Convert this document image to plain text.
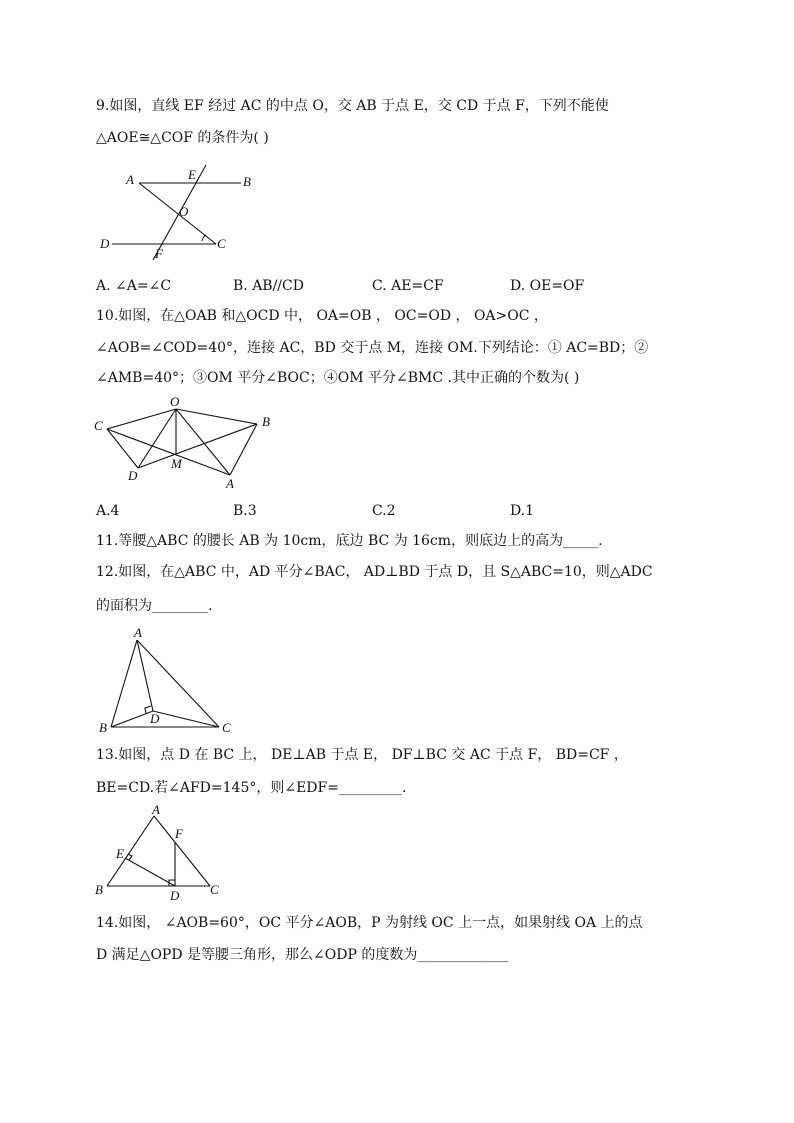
9.如图，直线 EF 经过 AC 的中点 O，交 AB 于点 E，交 CD 于点 F，下列不能使
△AOE≅△COF 的条件为( )
A	E	B
O
D	C
F
A. ∠A=∠C	B. AB//CD	C. AE=CF	D. OE=OF
10.如图，在△OAB 和△OCD 中， OA=OB ， OC=OD ， OA>OC ，
∠AOB=∠COD=40°，连接 AC，BD 交于点 M，连接 OM.下列结论：① AC=BD；②
∠AMB=40°；③OM 平分∠BOC；④OM 平分∠BMC .其中正确的个数为( )
O
C	B
D
M
A
A.4	B.3	C.2	D.1
11.等腰△ABC 的腰长 AB 为 10cm，底边 BC 为 16cm，则底边上的高为_____.
12.如图，在△ABC 中，AD 平分∠BAC， AD⊥BD 于点 D，且 S△ABC=10，则△ADC
的面积为________.
A
B
D
C
13.如图，点 D 在 BC 上， DE⊥AB 于点 E， DF⊥BC 交 AC 于点 F， BD=CF ，
BE=CD.若∠AFD=145°，则∠EDF=_________.
A
F
E
B	D C
14.如图， ∠AOB=60°，OC 平分∠AOB，P 为射线 OC 上一点，如果射线 OA 上的点
D 满足△OPD 是等腰三角形，那么∠ODP 的度数为_____________
